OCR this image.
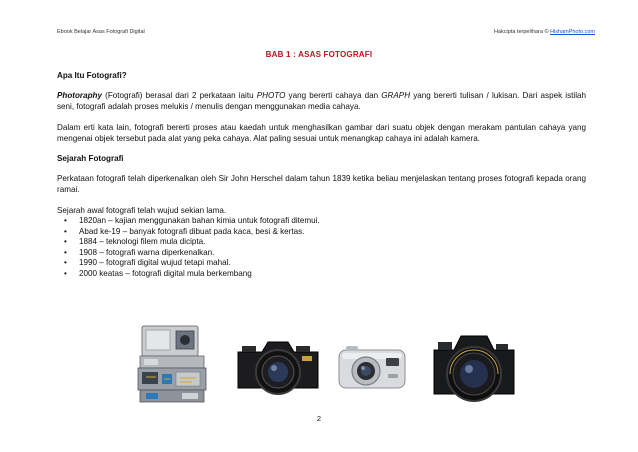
Ebook Belajar Asas Fotografi Digital	Hakcipta terpelihara © HishamPhoto.com
BAB 1 : ASAS FOTOGRAFI

Apa Itu Fotografi?

Photoraphy (Fotografi) berasal dari 2 perkataan iaitu PHOTO yang bererti cahaya dan GRAPH yang bererti tulisan / lukisan. Dari aspek istilah seni, fotografi adalah proses melukis / menulis dengan menggunakan media cahaya.

Dalam erti kata lain, fotografi bererti proses atau kaedah untuk menghasilkan gambar dari suatu objek dengan merakam pantulan cahaya yang mengenai objek tersebut pada alat yang peka cahaya. Alat paling sesuai untuk menangkap cahaya ini adalah kamera.

Sejarah Fotografi

Perkataan fotografi telah diperkenalkan oleh Sir John Herschel dalam tahun 1839 ketika beliau menjelaskan tentang proses fotografi kepada orang ramai.

Sejarah awal fotografi telah wujud sekian lama.

• 1820an – kajian menggunakan bahan kimia untuk fotografi ditemui.
• Abad ke-19 – banyak fotografi dibuat pada kaca, besi & kertas.
• 1884 – teknologi filem mula dicipta.
• 1908 – fotografi warna diperkenalkan.
• 1990 – fotografi digital wujud tetapi mahal.
• 2000 keatas – fotografi digital mula berkembang
2
